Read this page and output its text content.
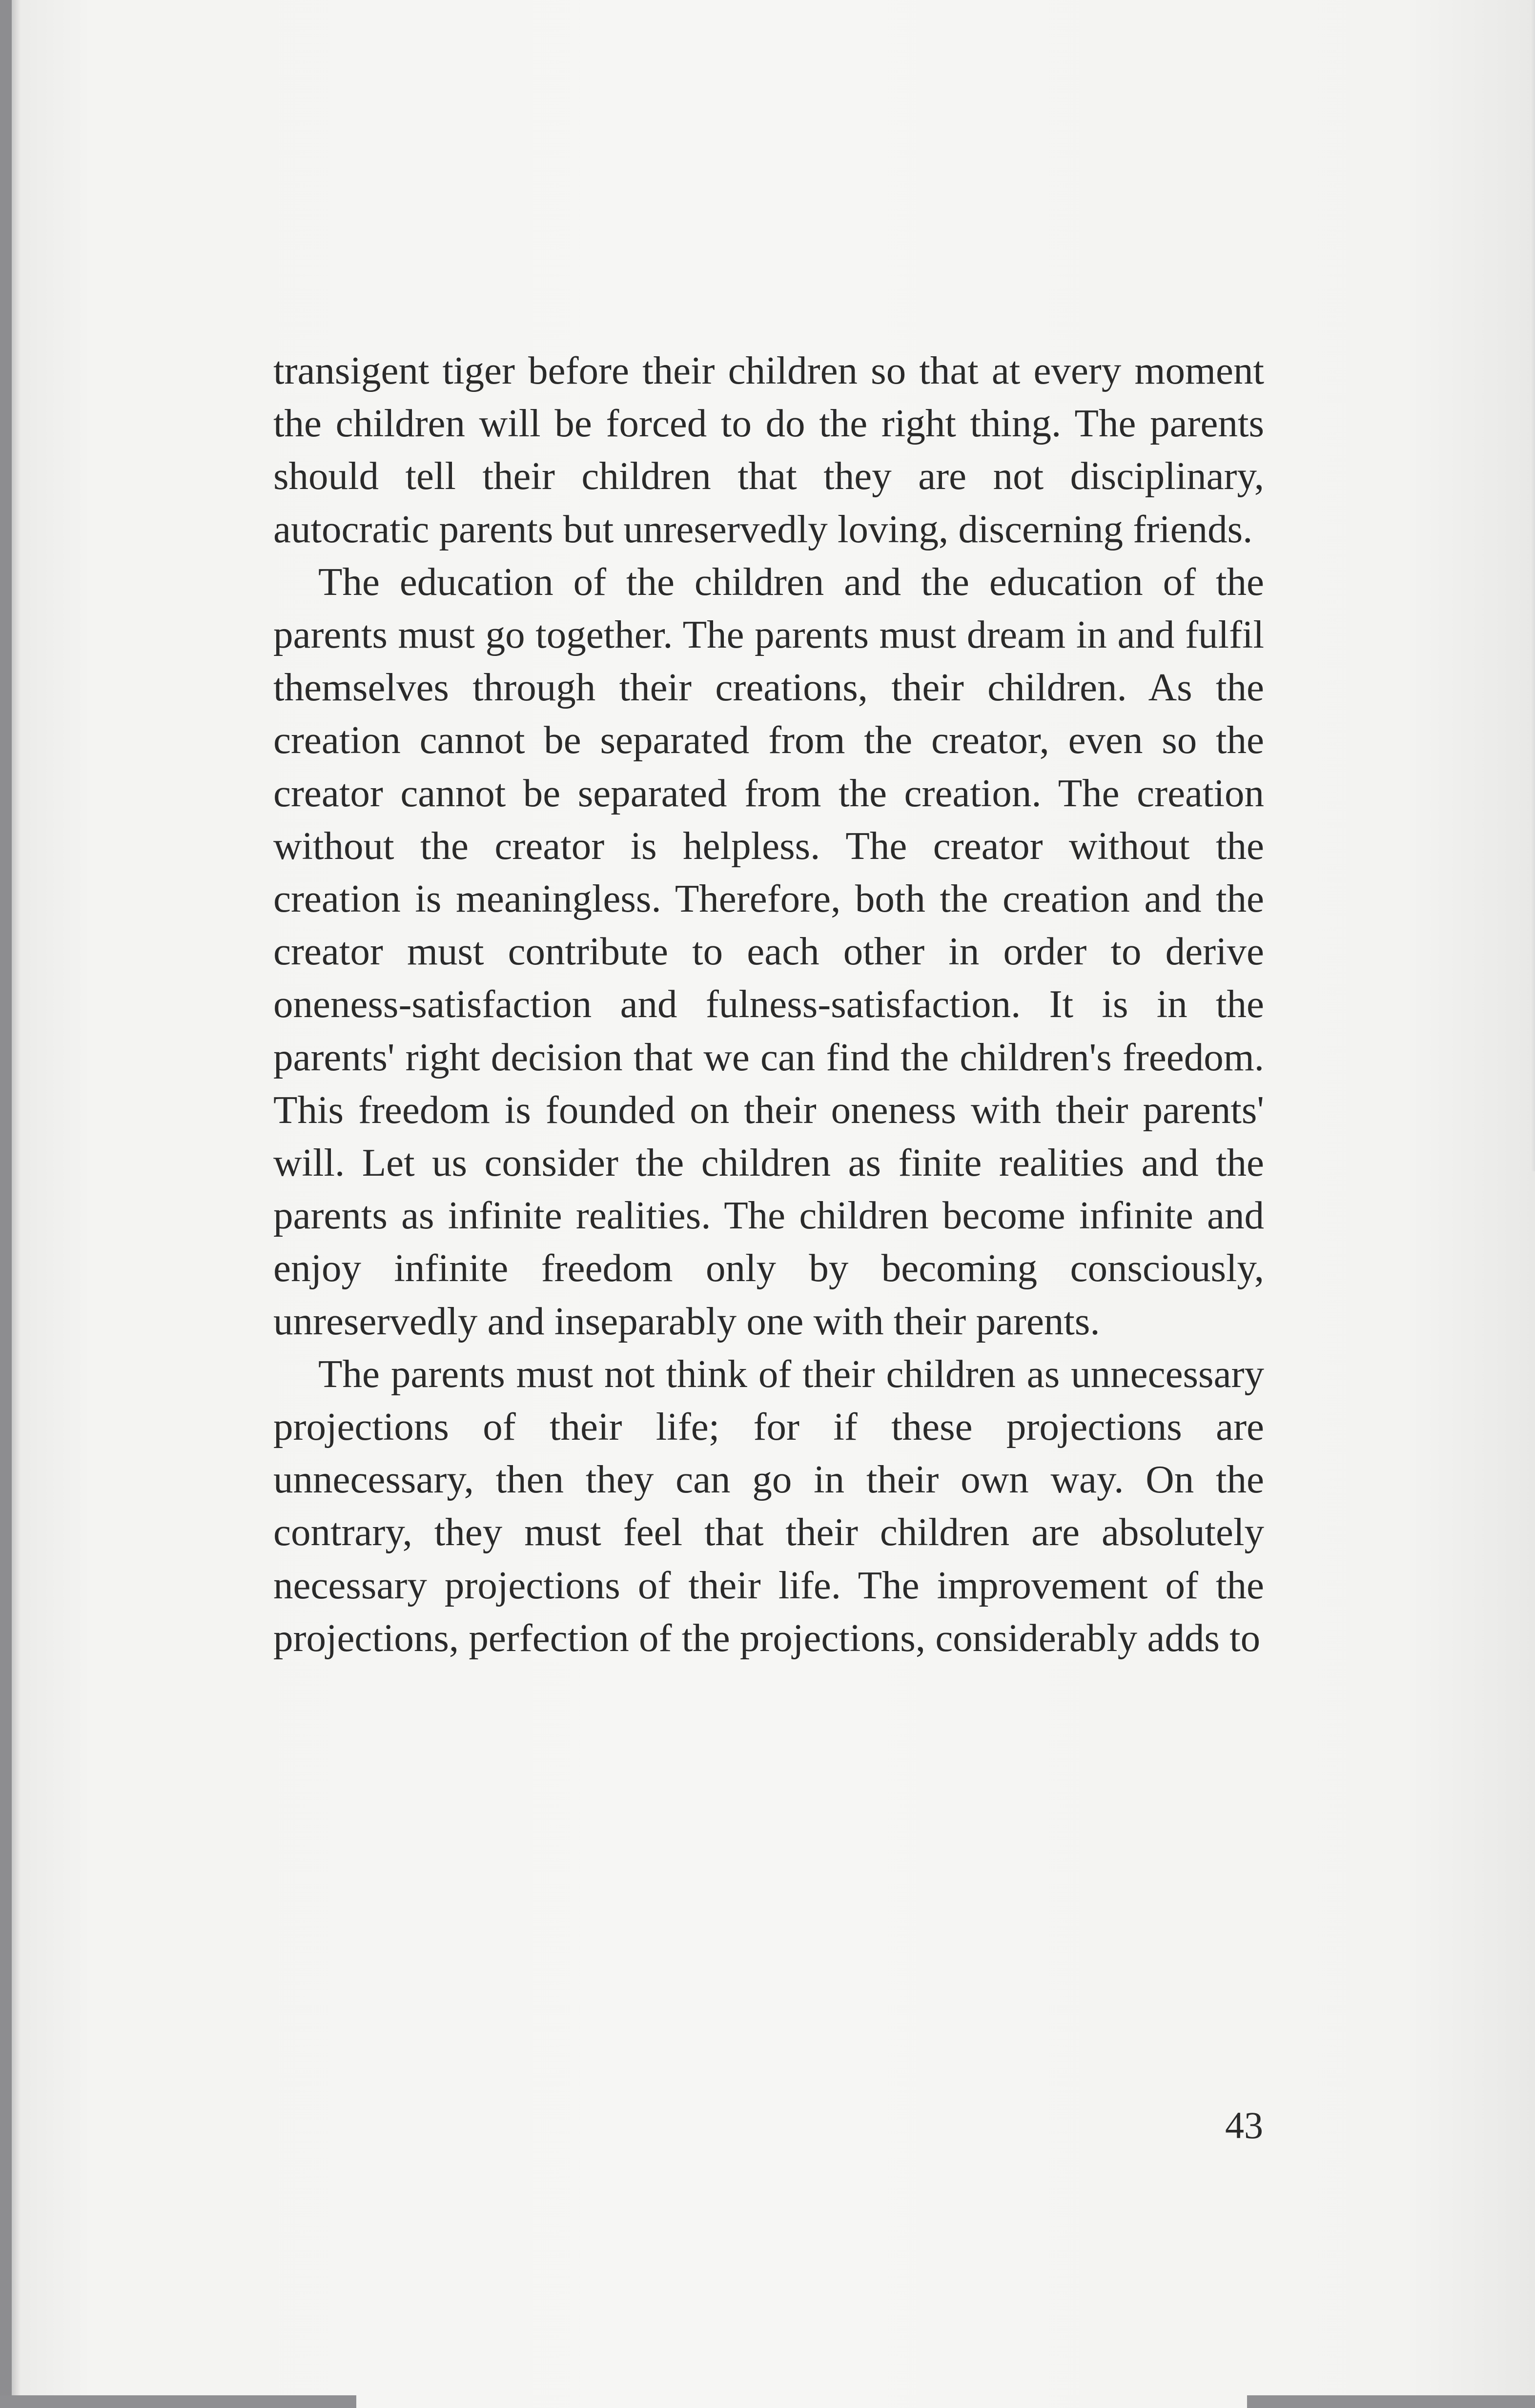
transigent tiger before their children so that at every moment the children will be forced to do the right thing. The parents should tell their children that they are not disciplinary, autocratic parents but unreservedly loving, discerning friends.

The education of the children and the education of the parents must go together. The parents must dream in and fulfil themselves through their creations, their children. As the creation cannot be separated from the creator, even so the creator cannot be separated from the creation. The creation without the creator is helpless. The creator without the creation is meaningless. Therefore, both the creation and the creator must contribute to each other in order to derive oneness-satisfaction and fulness-satisfaction. It is in the parents' right decision that we can find the children's freedom. This freedom is founded on their oneness with their parents' will. Let us consider the children as finite realities and the parents as infinite realities. The children become infinite and enjoy infinite freedom only by becoming consciously, unreservedly and inseparably one with their parents.

The parents must not think of their children as unnecessary projections of their life; for if these projections are unnecessary, then they can go in their own way. On the contrary, they must feel that their children are absolutely necessary projections of their life. The improvement of the projections, perfection of the projections, considerably adds to

43
